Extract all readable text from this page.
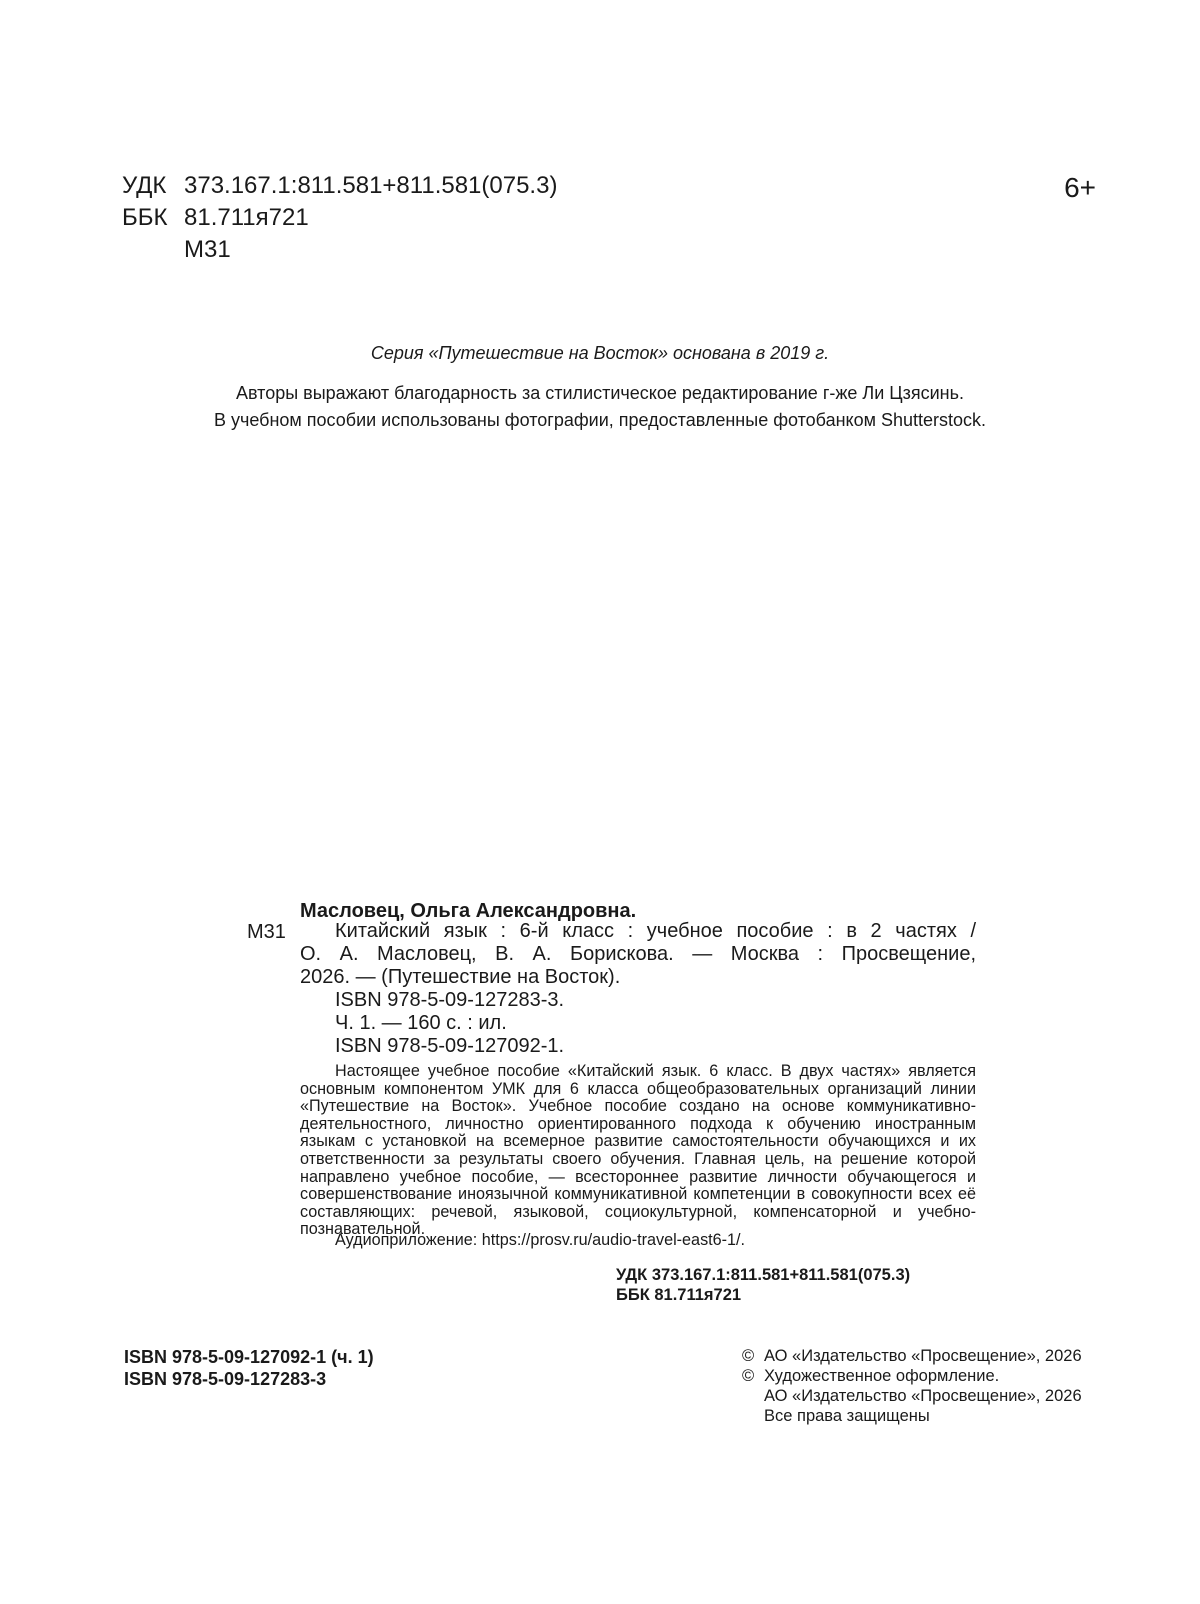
УДК 373.167.1:811.581+811.581(075.3)
ББК 81.711я721
М31
6+
Серия «Путешествие на Восток» основана в 2019 г.
Авторы выражают благодарность за стилистическое редактирование г-же Ли Цзясинь.
В учебном пособии использованы фотографии, предоставленные фотобанком Shutterstock.
Масловец, Ольга Александровна.
М31 Китайский язык : 6-й класс : учебное пособие : в 2 частях /
О. А. Масловец, В. А. Борискова. — Москва : Просвещение,
2026. — (Путешествие на Восток).
ISBN 978-5-09-127283-3.
Ч. 1. — 160 с. : ил.
ISBN 978-5-09-127092-1.
Настоящее учебное пособие «Китайский язык. 6 класс. В двух частях» является основным компонентом УМК для 6 класса общеобразовательных организаций линии «Путешествие на Восток». Учебное пособие создано на основе коммуникативно-деятельностного, личностно ориентированного подхода к обучению иностранным языкам с установкой на всемерное развитие самостоятельности обучающихся и их ответственности за результаты своего обучения. Главная цель, на решение которой направлено учебное пособие, — всестороннее развитие личности обучающегося и совершенствование иноязычной коммуникативной компетенции в совокупности всех её составляющих: речевой, языковой, социокультурной, компенсаторной и учебно-познавательной.
Аудиоприложение: https://prosv.ru/audio-travel-east6-1/.
УДК 373.167.1:811.581+811.581(075.3)
ББК 81.711я721
ISBN 978-5-09-127092-1 (ч. 1)
ISBN 978-5-09-127283-3
© АО «Издательство «Просвещение», 2026
© Художественное оформление.
АО «Издательство «Просвещение», 2026
Все права защищены
